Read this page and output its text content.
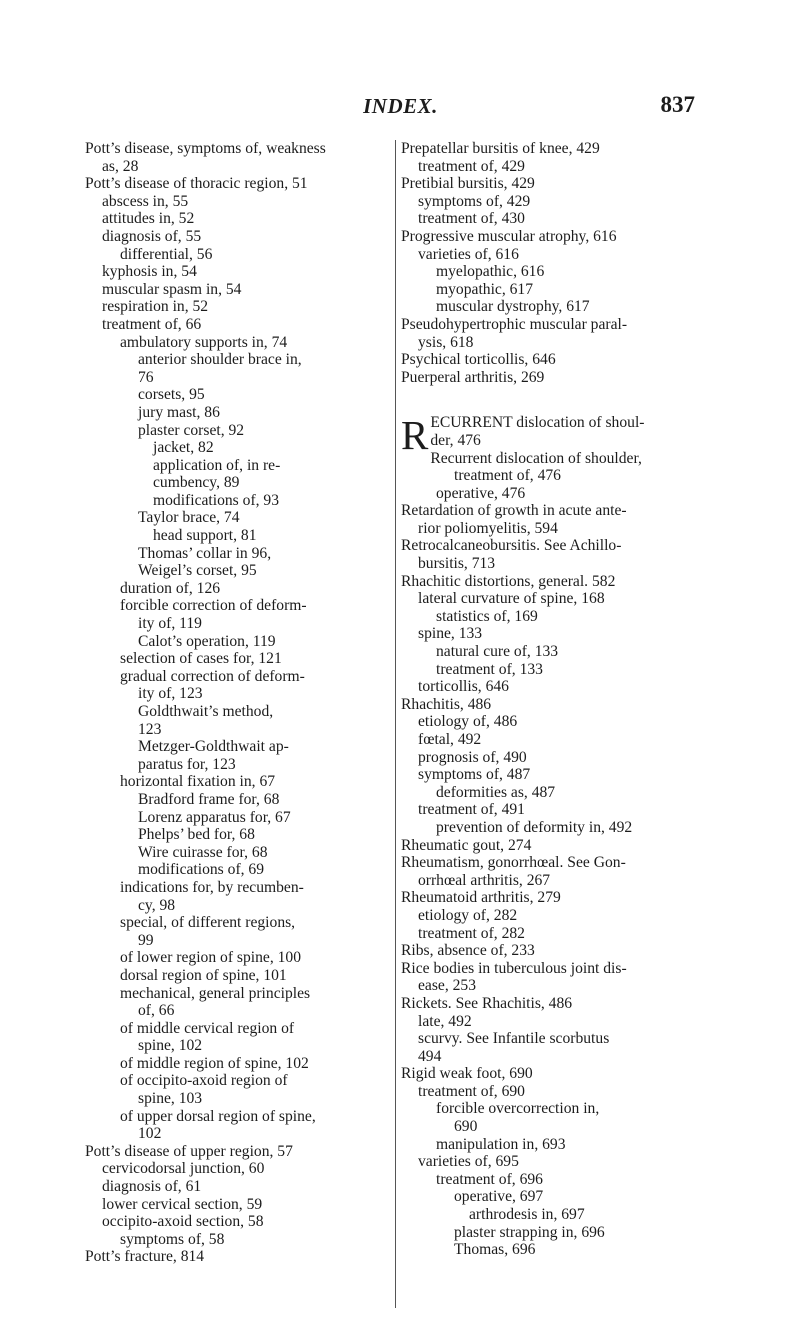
INDEX.	837
Pott’s disease, symptoms of, weakness
as, 28
Pott’s disease of thoracic region, 51
abscess in, 55
attitudes in, 52
diagnosis of, 55
differential, 56
kyphosis in, 54
muscular spasm in, 54
respiration in, 52
treatment of, 66
ambulatory supports in, 74
anterior shoulder brace in,
76
corsets, 95
jury mast, 86
plaster corset, 92
jacket, 82
application of, in re-
cumbency, 89
modifications of, 93
Taylor brace, 74
head support, 81
Thomas’ collar in 96,
Weigel’s corset, 95
duration of, 126
forcible correction of deform-
ity of, 119
Calot’s operation, 119
selection of cases for, 121
gradual correction of deform-
ity of, 123
Goldthwait’s method,
123
Metzger-Goldthwait ap-
paratus for, 123
horizontal fixation in, 67
Bradford frame for, 68
Lorenz apparatus for, 67
Phelps’ bed for, 68
Wire cuirasse for, 68
modifications of, 69
indications for, by recumben-
cy, 98
special, of different regions,
99
of lower region of spine, 100
dorsal region of spine, 101
mechanical, general principles
of, 66
of middle cervical region of
spine, 102
of middle region of spine, 102
of occipito-axoid region of
spine, 103
of upper dorsal region of spine,
102
Pott’s disease of upper region, 57
cervicodorsal junction, 60
diagnosis of, 61
lower cervical section, 59
occipito-axoid section, 58
symptoms of, 58
Pott’s fracture, 814
Prepatellar bursitis of knee, 429
treatment of, 429
Pretibial bursitis, 429
symptoms of, 429
treatment of, 430
Progressive muscular atrophy, 616
varieties of, 616
myelopathic, 616
myopathic, 617
muscular dystrophy, 617
Pseudohypertrophic muscular paral-
ysis, 618
Psychical torticollis, 646
Puerperal arthritis, 269
RECURRENT dislocation of shoul-
der, 476
Recurrent dislocation of shoulder,
treatment of, 476
operative, 476
Retardation of growth in acute ante-
rior poliomyelitis, 594
Retrocalcaneobursitis. See Achillo-
bursitis, 713
Rhachitic distortions, general. 582
lateral curvature of spine, 168
statistics of, 169
spine, 133
natural cure of, 133
treatment of, 133
torticollis, 646
Rhachitis, 486
etiology of, 486
fœtal, 492
prognosis of, 490
symptoms of, 487
deformities as, 487
treatment of, 491
prevention of deformity in, 492
Rheumatic gout, 274
Rheumatism, gonorrhœal. See Gon-
orrhœal arthritis, 267
Rheumatoid arthritis, 279
etiology of, 282
treatment of, 282
Ribs, absence of, 233
Rice bodies in tuberculous joint dis-
ease, 253
Rickets. See Rhachitis, 486
late, 492
scurvy. See Infantile scorbutus
494
Rigid weak foot, 690
treatment of, 690
forcible overcorrection in,
690
manipulation in, 693
varieties of, 695
treatment of, 696
operative, 697
arthrodesis in, 697
plaster strapping in, 696
Thomas, 696
